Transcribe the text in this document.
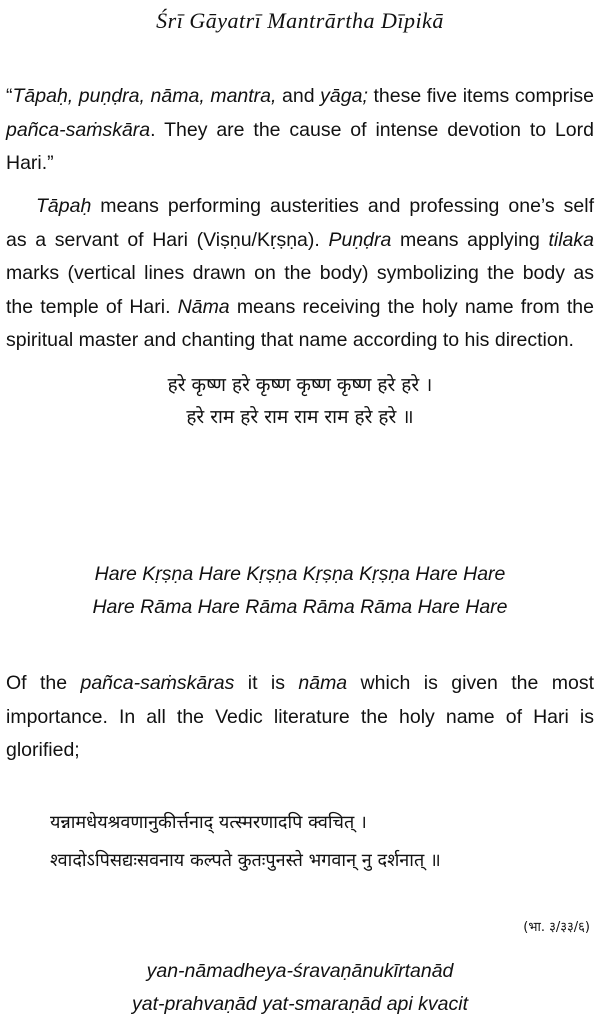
Śrī Gāyatrī Mantrārtha Dīpikā
“Tāpaḥ, puṇḍra, nāma, mantra, and yāga; these five items comprise pañca-saṁskāra. They are the cause of intense devotion to Lord Hari.”
Tāpaḥ means performing austerities and professing one’s self as a servant of Hari (Viṣṇu/Kṛṣṇa). Puṇḍra means applying tilaka marks (vertical lines drawn on the body) symbolizing the body as the temple of Hari. Nāma means receiving the holy name from the spiritual master and chanting that name according to his direction.
हरे कृष्ण हरे कृष्ण कृष्ण कृष्ण हरे हरे ।
हरे राम हरे राम राम राम हरे हरे ॥
Hare Kṛṣṇa Hare Kṛṣṇa Kṛṣṇa Kṛṣṇa Hare Hare
Hare Rāma Hare Rāma Rāma Rāma Hare Hare
Of the pañca-saṁskāras it is nāma which is given the most importance. In all the Vedic literature the holy name of Hari is glorified;
यन्नामधेयश्रवणानुकीर्त्तनाद् यत्स्मरणादपि क्वचित् ।
श्वादोऽपिसद्यःसवनाय कल्पते कुतःपुनस्ते भगवान् नु दर्शनात् ॥
(भा. ३/३३/६)
yan-nāmadheya-śravaṇānukīrtanād
yat-prahvaṇād yat-smaraṇād api kvacit
